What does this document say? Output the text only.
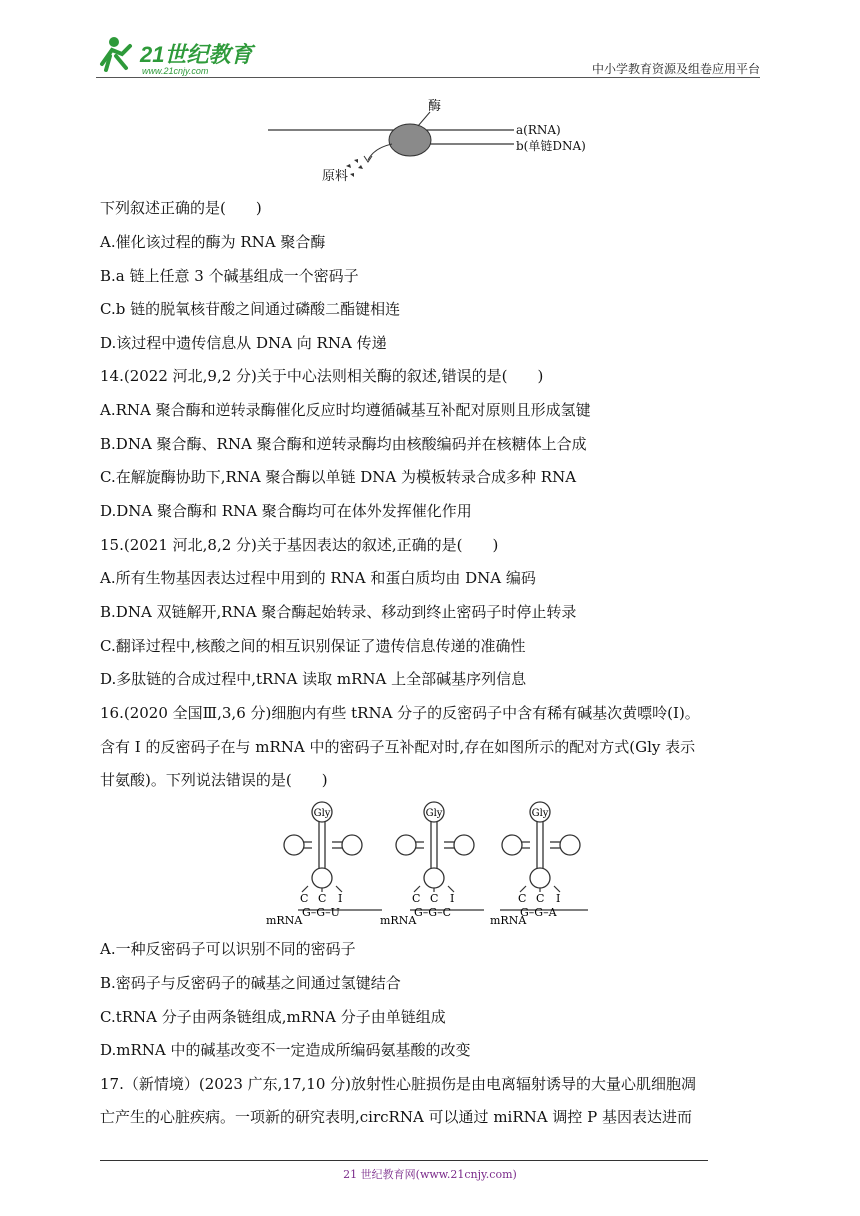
21世纪教育
www.21cnjy.com	中小学教育资源及组卷应用平台
酶
a(RNA)
b(单链DNA)
原料
下列叙述正确的是(　　)
A.催化该过程的酶为 RNA 聚合酶
B.a 链上任意 3 个碱基组成一个密码子
C.b 链的脱氧核苷酸之间通过磷酸二酯键相连
D.该过程中遗传信息从 DNA 向 RNA 传递
14.(2022 河北,9,2 分)关于中心法则相关酶的叙述,错误的是(　　)
A.RNA 聚合酶和逆转录酶催化反应时均遵循碱基互补配对原则且形成氢键
B.DNA 聚合酶、RNA 聚合酶和逆转录酶均由核酸编码并在核糖体上合成
C.在解旋酶协助下,RNA 聚合酶以单链 DNA 为模板转录合成多种 RNA
D.DNA 聚合酶和 RNA 聚合酶均可在体外发挥催化作用
15.(2021 河北,8,2 分)关于基因表达的叙述,正确的是(　　)
A.所有生物基因表达过程中用到的 RNA 和蛋白质均由 DNA 编码
B.DNA 双链解开,RNA 聚合酶起始转录、移动到终止密码子时停止转录
C.翻译过程中,核酸之间的相互识别保证了遗传信息传递的准确性
D.多肽链的合成过程中,tRNA 读取 mRNA 上全部碱基序列信息
16.(2020 全国Ⅲ,3,6 分)细胞内有些 tRNA 分子的反密码子中含有稀有碱基次黄嘌呤(I)。
含有 I 的反密码子在与 mRNA 中的密码子互补配对时,存在如图所示的配对方式(Gly 表示
甘氨酸)。下列说法错误的是(　　)
Gly
C C I
G–G–U
mRNA
Gly
C C I
G–G–C
mRNA
Gly
C C I
G–G–A
mRNA
A.一种反密码子可以识别不同的密码子
B.密码子与反密码子的碱基之间通过氢键结合
C.tRNA 分子由两条链组成,mRNA 分子由单链组成
D.mRNA 中的碱基改变不一定造成所编码氨基酸的改变
17.（新情境）(2023 广东,17,10 分)放射性心脏损伤是由电离辐射诱导的大量心肌细胞凋
亡产生的心脏疾病。一项新的研究表明,circRNA 可以通过 miRNA 调控 P 基因表达进而
21 世纪教育网(www.21cnjy.com)
